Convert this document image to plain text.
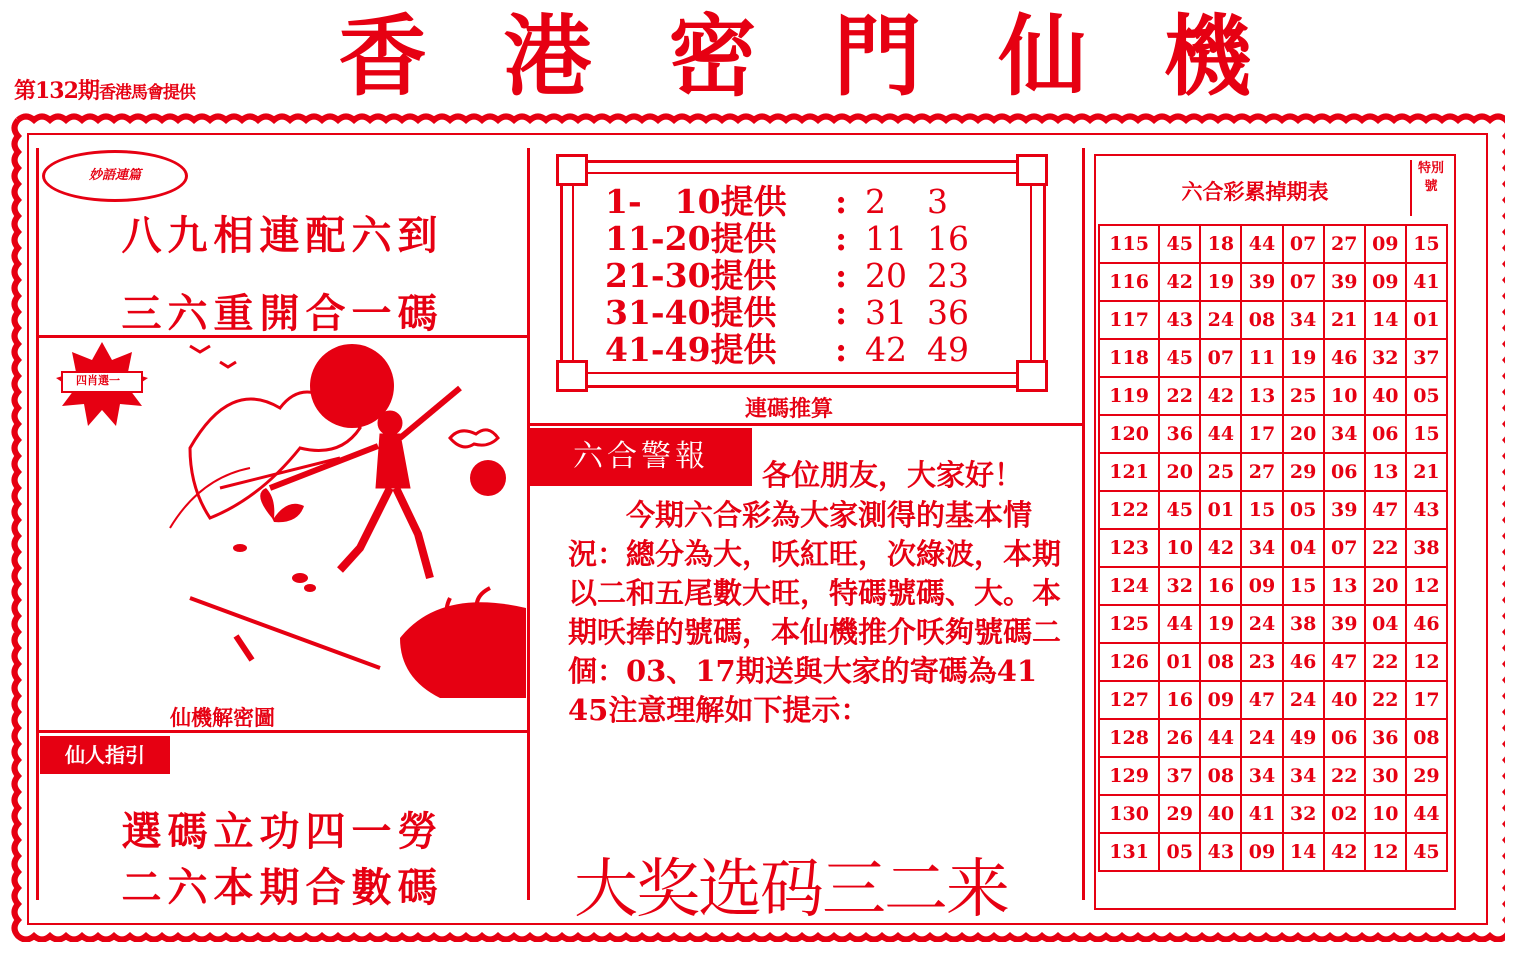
第132期香港馬會提供	香 港 密 門 仙 機
妙語連篇
八九相連配六到
三六重開合一碼
四肖選一
仙機解密圖
仙人指引
選碼立功四一勞
二六本期合數碼
1-　10提供 : 2 3
11-20提供 : 11 16
21-30提供 : 20 23
31-40提供 : 31 36
41-49提供 : 42 49
連碼推算
六合警報
各位朋友，大家好！
今期六合彩為大家測得的基本情況：總分為大，㕭紅旺，次綠波，本期以二和五尾數大旺，特碼號碼、大。本期㕭捧的號碼，本仙機推介㕭夠號碼二個：03、17期送與大家的寄碼為41 45注意理解如下提示：
大奖选码三二来
六合彩累掉期表
特別號
115	45	18	44	07	27	09	15
116	42	19	39	07	39	09	41
117	43	24	08	34	21	14	01
118	45	07	11	19	46	32	37
119	22	42	13	25	10	40	05
120	36	44	17	20	34	06	15
121	20	25	27	29	06	13	21
122	45	01	15	05	39	47	43
123	10	42	34	04	07	22	38
124	32	16	09	15	13	20	12
125	44	19	24	38	39	04	46
126	01	08	23	46	47	22	12
127	16	09	47	24	40	22	17
128	26	44	24	49	06	36	08
129	37	08	34	34	22	30	29
130	29	40	41	32	02	10	44
131	05	43	09	14	42	12	45
